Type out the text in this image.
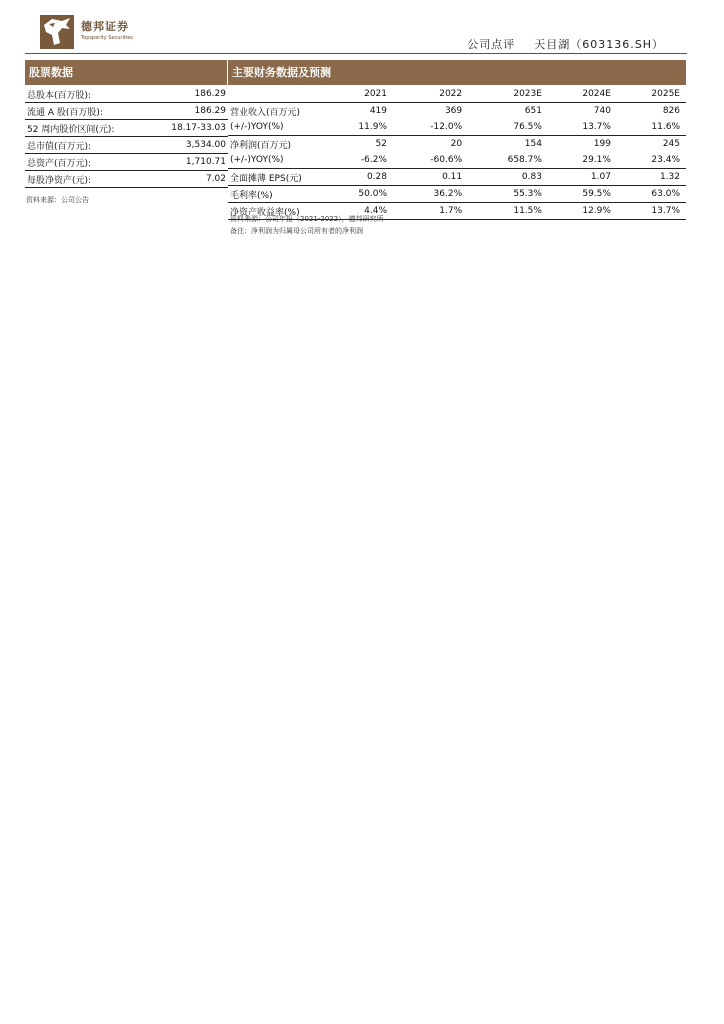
德邦证券
Topsperity Securities	公司点评 天目湖（603136.SH）
股票数据	主要财务数据及预测
总股本(百万股):	186.29
流通 A 股(百万股):	186.29
52 周内股价区间(元):	18.17-33.03
总市值(百万元):	3,534.00
总资产(百万元):	1,710.71
每股净资产(元):	7.02
资料来源：公司公告
	2021	2022	2023E	2024E	2025E
营业收入(百万元)	419	369	651	740	826
(+/-)YOY(%)	11.9%	-12.0%	76.5%	13.7%	11.6%
净利润(百万元)	52	20	154	199	245
(+/-)YOY(%)	-6.2%	-60.6%	658.7%	29.1%	23.4%
全面摊薄 EPS(元)	0.28	0.11	0.83	1.07	1.32
毛利率(%)	50.0%	36.2%	55.3%	59.5%	63.0%
净资产收益率(%)	4.4%	1.7%	11.5%	12.9%	13.7%
资料来源：公司年报（2021-2022），德邦研究所
备注：净利润为归属母公司所有者的净利润
